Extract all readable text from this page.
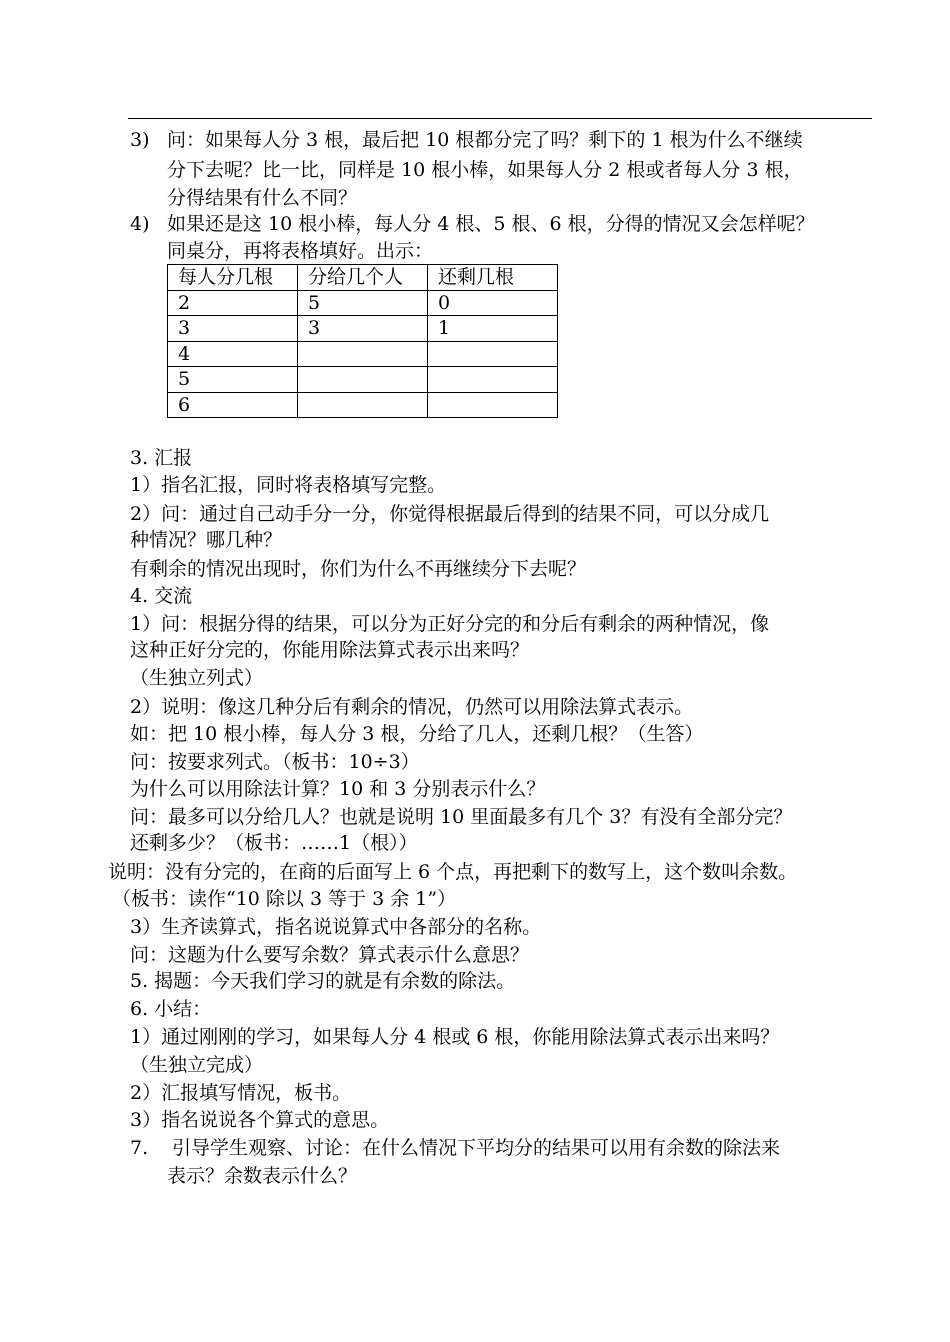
3) 问：如果每人分 3 根，最后把 10 根都分完了吗？剩下的 1 根为什么不继续
分下去呢？比一比，同样是 10 根小棒，如果每人分 2 根或者每人分 3 根，
分得结果有什么不同？
4) 如果还是这 10 根小棒，每人分 4 根、5 根、6 根，分得的情况又会怎样呢？
同桌分，再将表格填好。出示：
每人分几根	分给几个人	还剩几根
2	5	0
3	3	1
4		
5		
6		
3. 汇报
1）指名汇报，同时将表格填写完整。
2）问：通过自己动手分一分，你觉得根据最后得到的结果不同，可以分成几
种情况？哪几种？
有剩余的情况出现时，你们为什么不再继续分下去呢？
4. 交流
1）问：根据分得的结果，可以分为正好分完的和分后有剩余的两种情况，像
这种正好分完的，你能用除法算式表示出来吗？
（生独立列式）
2）说明：像这几种分后有剩余的情况，仍然可以用除法算式表示。
如：把 10 根小棒，每人分 3 根，分给了几人，还剩几根？（生答）
问：按要求列式。（板书：10÷3）
为什么可以用除法计算？10 和 3 分别表示什么？
问：最多可以分给几人？也就是说明 10 里面最多有几个 3？有没有全部分完？
还剩多少？（板书：……1（根））
说明：没有分完的，在商的后面写上 6 个点，再把剩下的数写上，这个数叫余数。
（板书：读作“10 除以 3 等于 3 余 1”）
3）生齐读算式，指名说说算式中各部分的名称。
问：这题为什么要写余数？算式表示什么意思？
5. 揭题：今天我们学习的就是有余数的除法。
6. 小结：
1）通过刚刚的学习，如果每人分 4 根或 6 根，你能用除法算式表示出来吗？
（生独立完成）
2）汇报填写情况，板书。
3）指名说说各个算式的意思。
7. 引导学生观察、讨论：在什么情况下平均分的结果可以用有余数的除法来
表示？余数表示什么？
